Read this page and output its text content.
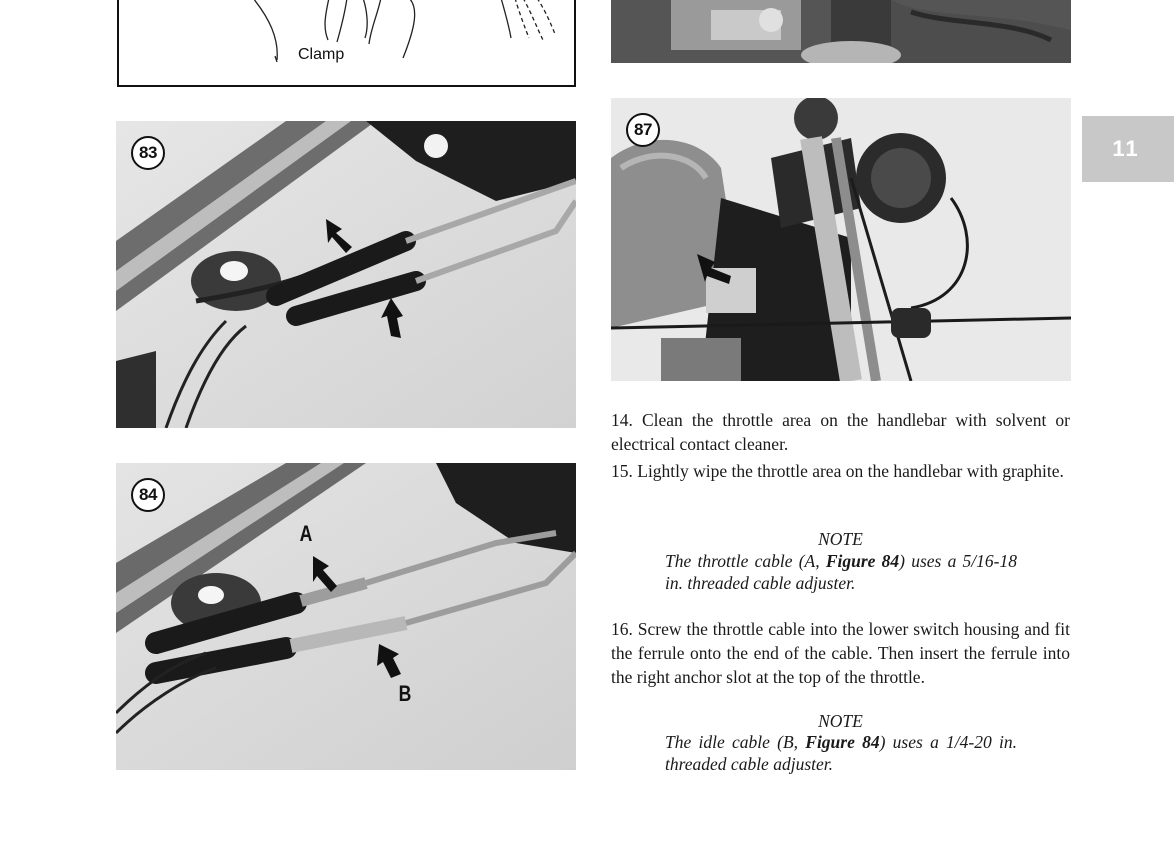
Clamp
83
84
A
B
87
11
14. Clean the throttle area on the handlebar with solvent or electrical contact cleaner.
15. Lightly wipe the throttle area on the handlebar with graphite.
NOTE
The throttle cable (A, Figure 84) uses a 5/16-18 in. threaded cable adjuster.
16. Screw the throttle cable into the lower switch housing and fit the ferrule onto the end of the cable. Then insert the ferrule into the right anchor slot at the top of the throttle.
NOTE
The idle cable (B, Figure 84) uses a 1/4-20 in. threaded cable adjuster.
